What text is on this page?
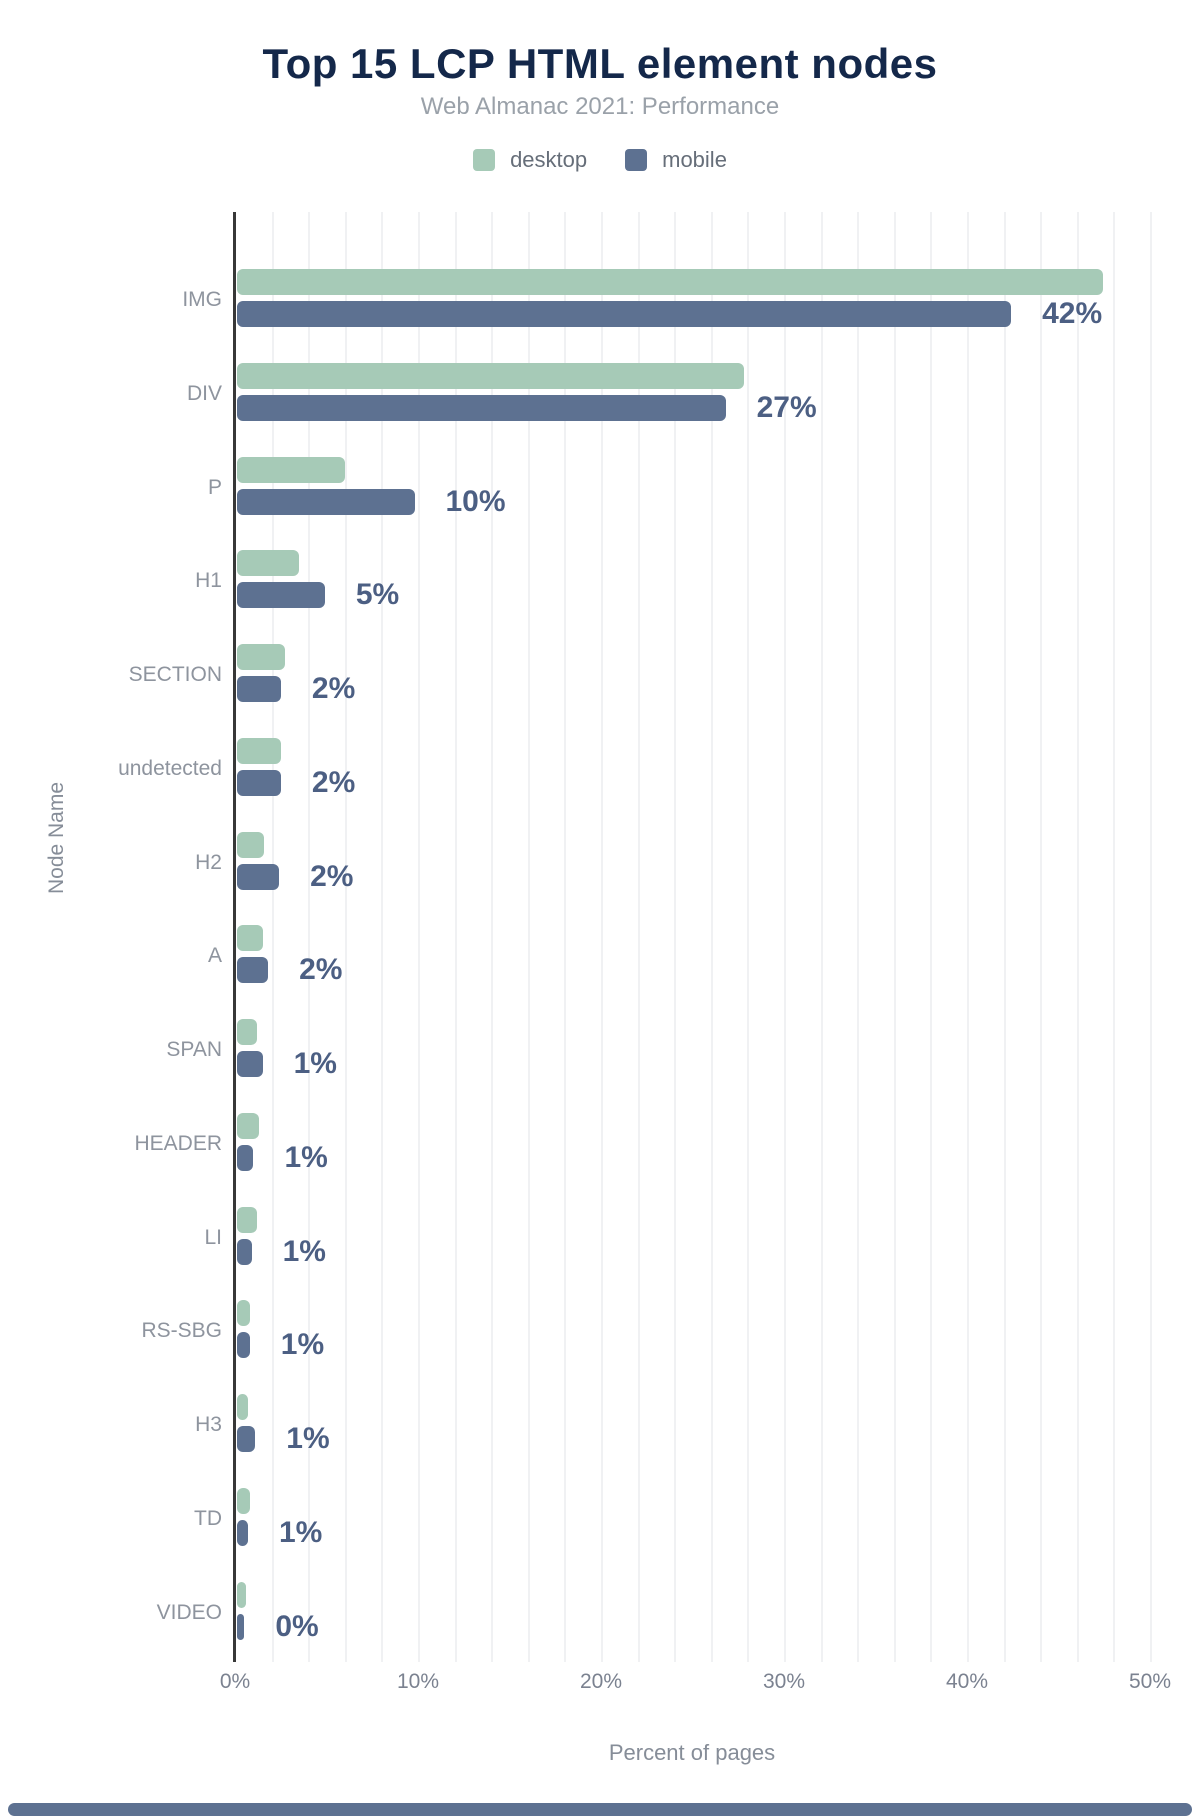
Top 15 LCP HTML element nodes
Web Almanac 2021: Performance
desktop	mobile
IMG	42%
DIV	27%
P	10%
H1	5%
SECTION	2%
undetected	2%
H2	2%
A	2%
SPAN 1%
HEADER 1%
LI 1%
RS-SBG 1%
H3 1%
TD 1%
VIDEO 0%
0%	10%	20%	30%	40%	50%
Node Name
Percent of pages
